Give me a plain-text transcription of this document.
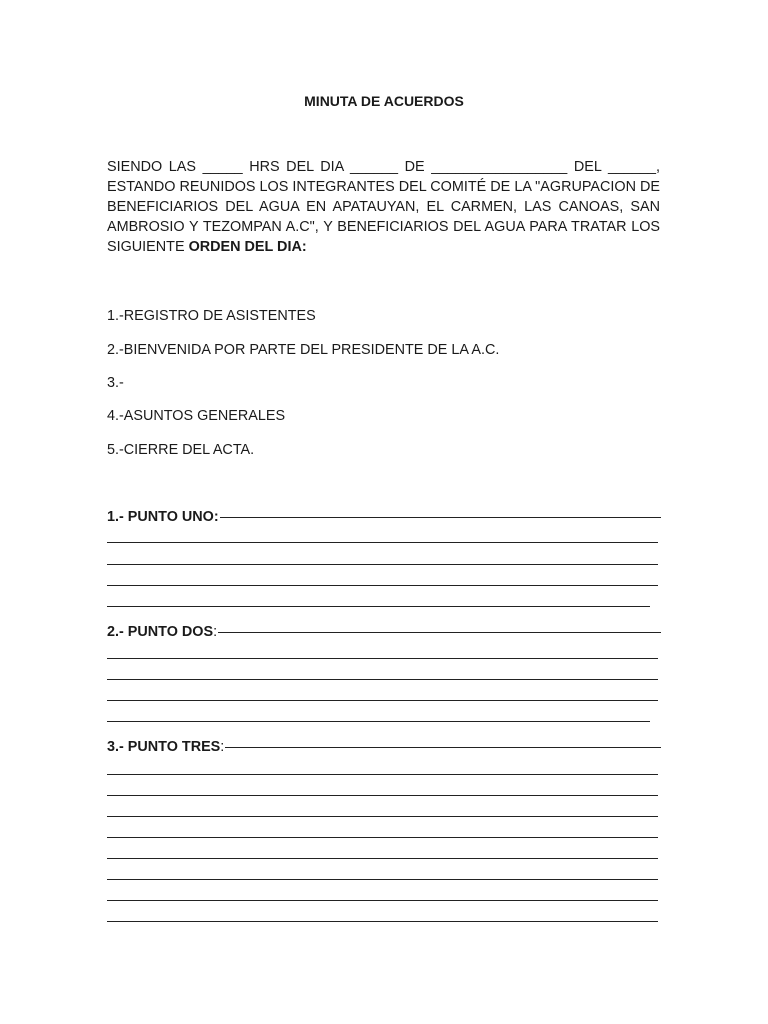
MINUTA DE ACUERDOS
SIENDO LAS _____ HRS DEL DIA ______ DE _________________ DEL ______, ESTANDO REUNIDOS LOS INTEGRANTES DEL COMITÉ DE LA "AGRUPACION DE BENEFICIARIOS DEL AGUA EN APATAUYAN, EL CARMEN, LAS CANOAS, SAN AMBROSIO Y TEZOMPAN A.C", Y BENEFICIARIOS DEL AGUA PARA TRATAR LOS SIGUIENTE ORDEN DEL DIA:
1.-REGISTRO DE ASISTENTES
2.-BIENVENIDA POR PARTE DEL PRESIDENTE DE LA A.C.
3.-
4.-ASUNTOS GENERALES
5.-CIERRE DEL ACTA.
1.- PUNTO UNO:
2.- PUNTO DOS :
3.- PUNTO TRES :
